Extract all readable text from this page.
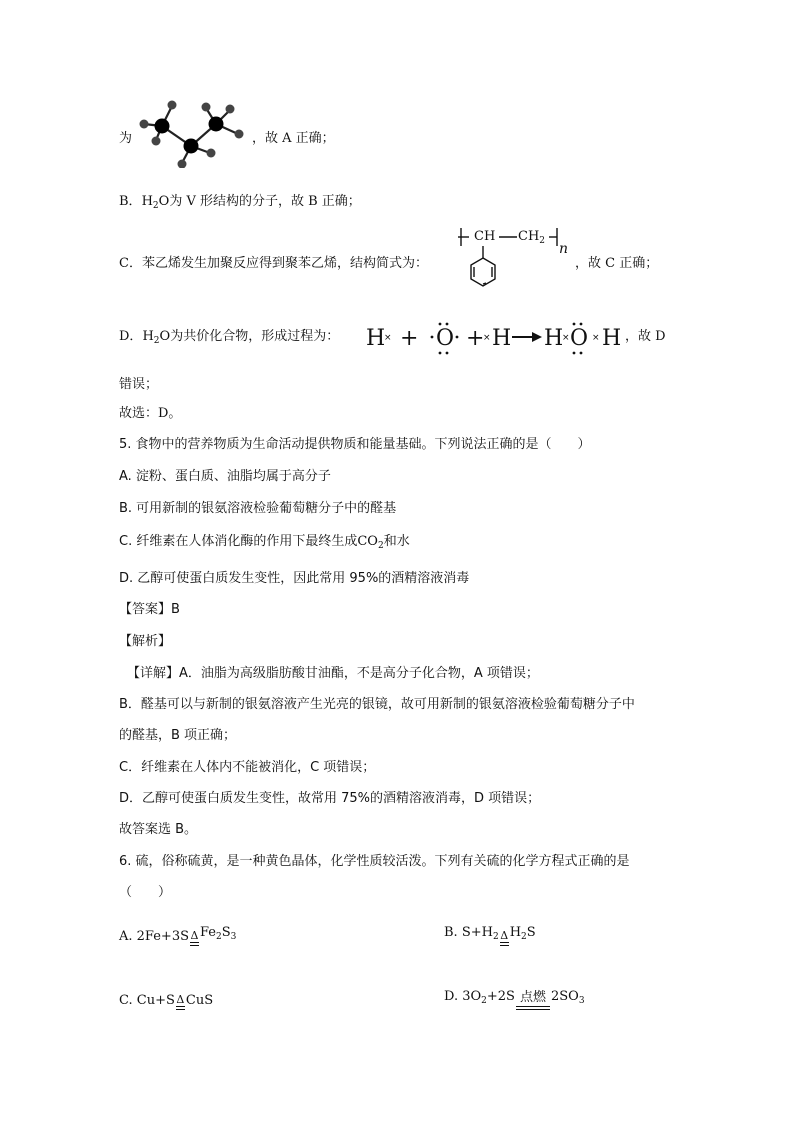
为	，故 A 正确；
B．$H_2O$为 V 形结构的分子，故 B 正确；
C．苯乙烯发生加聚反应得到聚苯乙烯，结构简式为：
CH $CH_2$ n
，故 C 正确；
D．$H_2O$为共价化合物，形成过程为： H + O + H H O H
×	×	× × ，故 D
错误；
故选：D。
5. 食物中的营养物质为生命活动提供物质和能量基础。下列说法正确的是（　　）
A. 淀粉、蛋白质、油脂均属于高分子
B. 可用新制的银氨溶液检验葡萄糖分子中的醛基
C. 纤维素在人体消化酶的作用下最终生成$CO_2$和水
D. 乙醇可使蛋白质发生变性，因此常用 95%的酒精溶液消毒
【答案】B
【解析】
【详解】A．油脂为高级脂肪酸甘油酯，不是高分子化合物，A 项错误；
B．醛基可以与新制的银氨溶液产生光亮的银镜，故可用新制的银氨溶液检验葡萄糖分子中
的醛基，B 项正确；
C．纤维素在人体内不能被消化，C 项错误；
D．乙醇可使蛋白质发生变性，故常用 75%的酒精溶液消毒，D 项错误；
故答案选 B。
6. 硫，俗称硫黄，是一种黄色晶体，化学性质较活泼。下列有关硫的化学方程式正确的是
（　　）
A. 2Fe+3S Δ $Fe_2S_3$	B. $S+H_2$ Δ $H_2S$
C. Cu+S Δ CuS	D. $3O_2+2S$ 点燃 $2SO_3$
